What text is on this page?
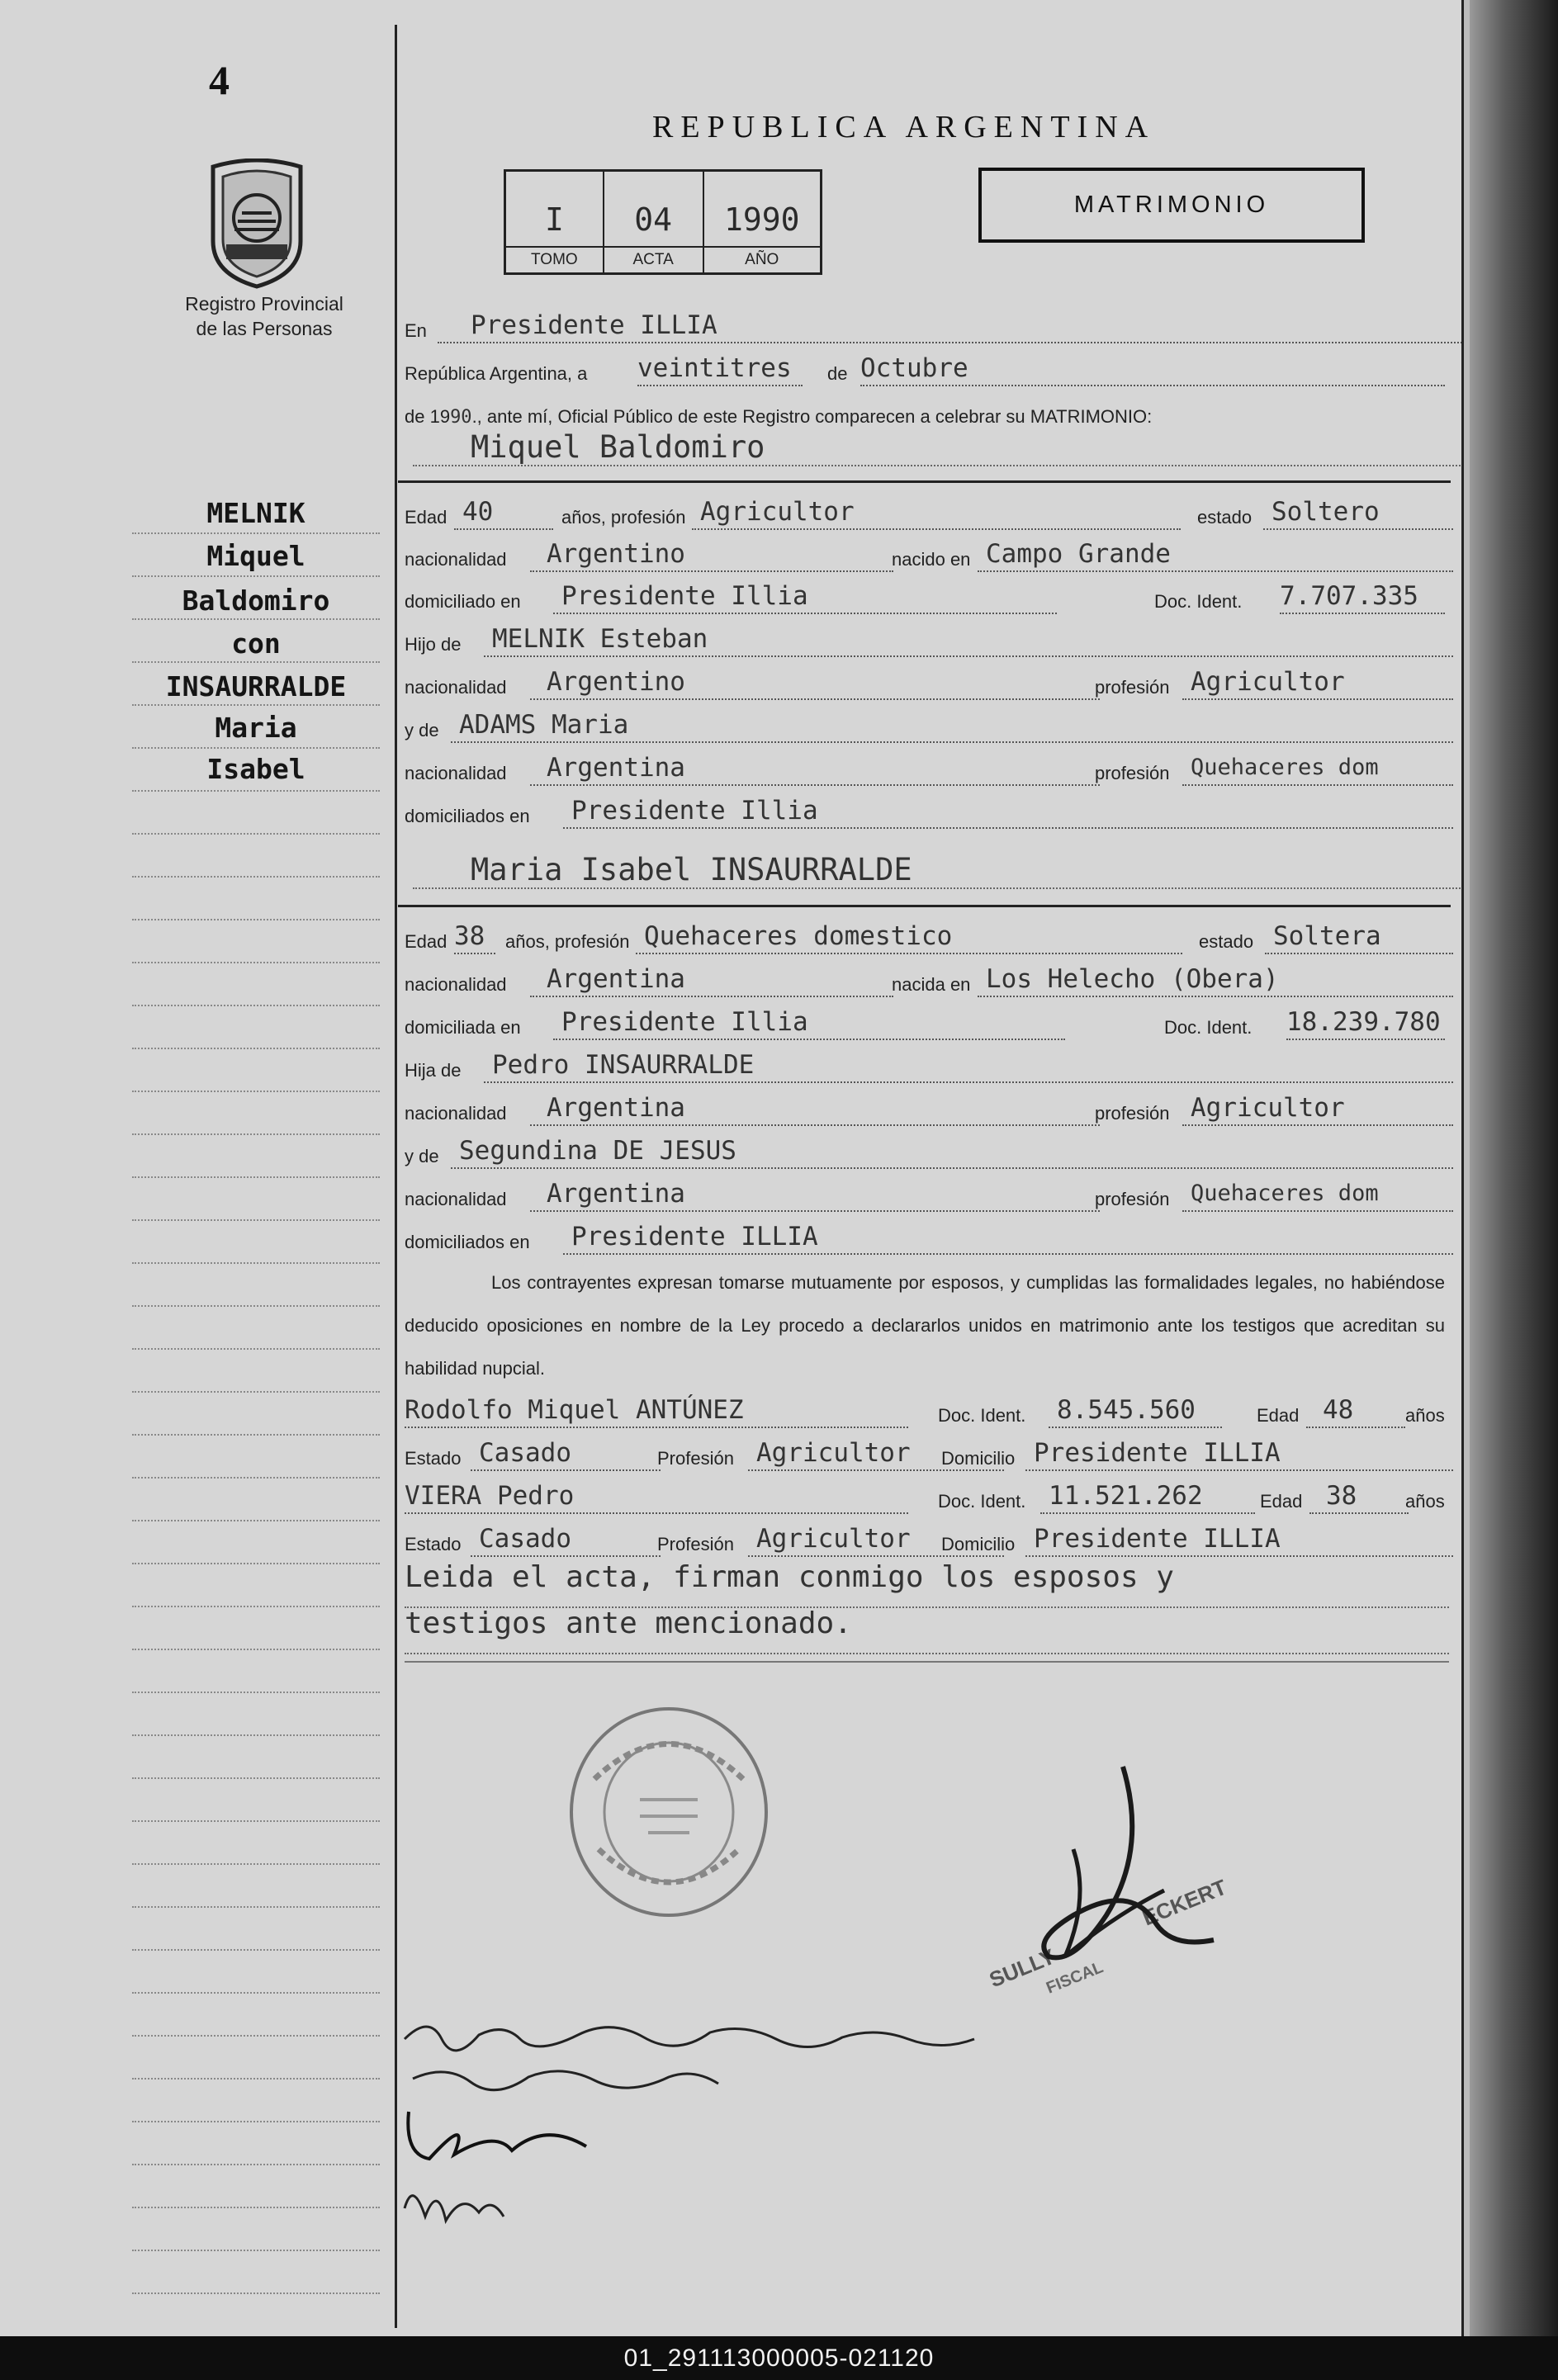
4
Registro Provincial
de las Personas
MELNIK
Miquel
Baldomiro
con
INSAURRALDE
Maria
Isabel
REPUBLICA ARGENTINA
I
TOMO
04
ACTA
1990
AÑO
MATRIMONIO
En	Presidente ILLIA
República Argentina, a veintitres	de Octubre
de 1990., ante mí, Oficial Público de este Registro comparecen a celebrar su MATRIMONIO:
Miquel Baldomiro
Edad 40	años, profesión Agricultor	estado Soltero
nacionalidad	Argentino	nacido en Campo Grande
domiciliado en	Presidente Illia	Doc. Ident. 7.707.335
Hijo de	MELNIK Esteban
nacionalidad	Argentino	profesión Agricultor
y de ADAMS Maria
nacionalidad	Argentina	profesión Quehaceres dom
domiciliados en	Presidente Illia
Maria Isabel INSAURRALDE
Edad 38	años, profesión Quehaceres domestico	estado Soltera
nacionalidad	Argentina	nacida en Los Helecho (Obera)
domiciliada en	Presidente Illia	Doc. Ident. 18.239.780
Hija de	Pedro INSAURRALDE
nacionalidad	Argentina	profesión Agricultor
y de Segundina DE JESUS
nacionalidad	Argentina	profesión Quehaceres dom
domiciliados en	Presidente ILLIA
Los contrayentes expresan tomarse mutuamente por esposos, y cumplidas las formalidades legales, no habiéndose deducido oposiciones en nombre de la Ley procedo a declararlos unidos en matrimonio ante los testigos que acreditan su habilidad nupcial.
Rodolfo Miquel ANTÚNEZ	Doc. Ident.	8.545.560	Edad 48	años
Estado Casado	Profesión Agricultor	Domicilio Presidente ILLIA
VIERA Pedro	Doc. Ident. 11.521.262	Edad 38	años
Estado Casado	Profesión Agricultor	Domicilio Presidente ILLIA
Leida el acta, firman conmigo los esposos y
testigos ante mencionado.
SULLY
ECKERT
FISCAL
01_291113000005-021120
